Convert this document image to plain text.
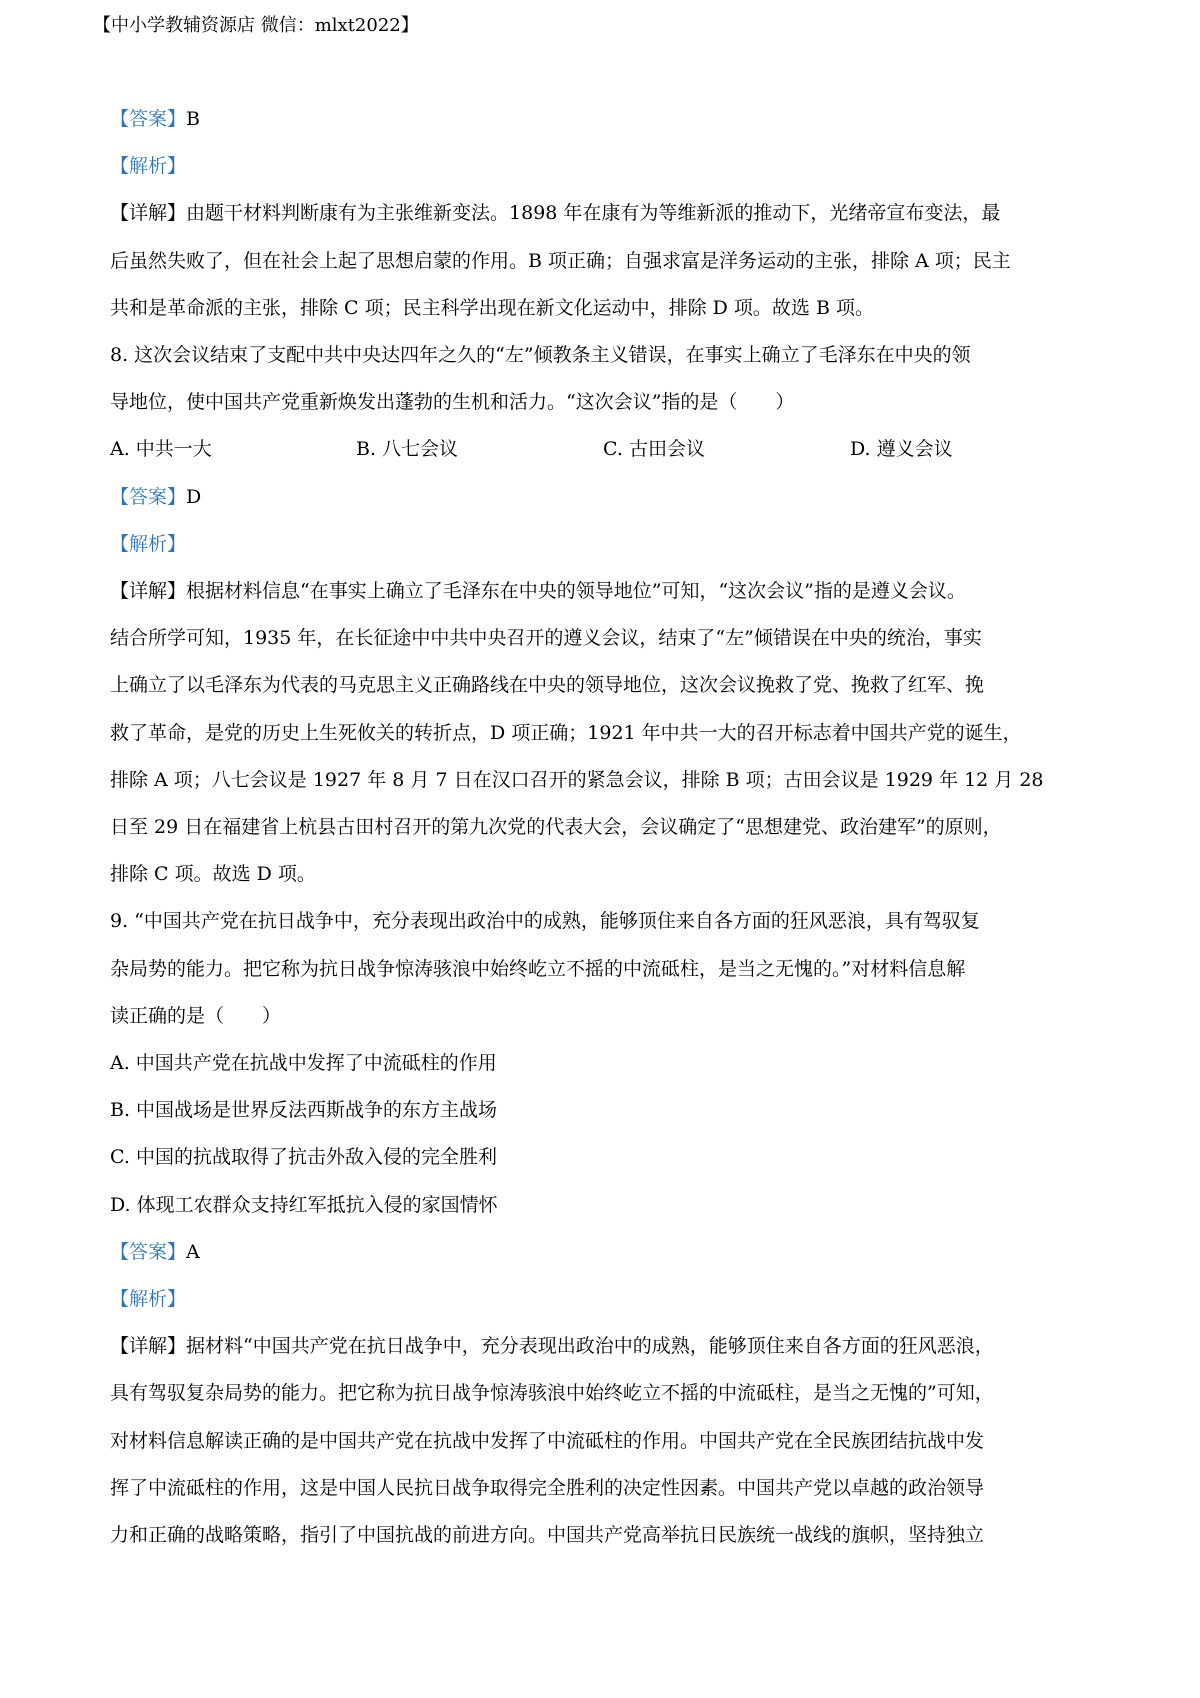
【中小学教辅资源店 微信：mlxt2022】
【答案】B
【解析】
【详解】由题干材料判断康有为主张维新变法。1898 年在康有为等维新派的推动下，光绪帝宣布变法，最
后虽然失败了，但在社会上起了思想启蒙的作用。B 项正确；自强求富是洋务运动的主张，排除 A 项；民主
共和是革命派的主张，排除 C 项；民主科学出现在新文化运动中，排除 D 项。故选 B 项。
8. 这次会议结束了支配中共中央达四年之久的“左”倾教条主义错误，在事实上确立了毛泽东在中央的领
导地位，使中国共产党重新焕发出蓬勃的生机和活力。“这次会议”指的是（　　）
A. 中共一大	B. 八七会议	C. 古田会议	D. 遵义会议
【答案】D
【解析】
【详解】根据材料信息“在事实上确立了毛泽东在中央的领导地位”可知，“这次会议”指的是遵义会议。
结合所学可知，1935 年，在长征途中中共中央召开的遵义会议，结束了“左”倾错误在中央的统治，事实
上确立了以毛泽东为代表的马克思主义正确路线在中央的领导地位，这次会议挽救了党、挽救了红军、挽
救了革命，是党的历史上生死攸关的转折点，D 项正确；1921 年中共一大的召开标志着中国共产党的诞生，
排除 A 项；八七会议是 1927 年 8 月 7 日在汉口召开的紧急会议，排除 B 项；古田会议是 1929 年 12 月 28
日至 29 日在福建省上杭县古田村召开的第九次党的代表大会，会议确定了“思想建党、政治建军”的原则，
排除 C 项。故选 D 项。
9. “中国共产党在抗日战争中，充分表现出政治中的成熟，能够顶住来自各方面的狂风恶浪，具有驾驭复
杂局势的能力。把它称为抗日战争惊涛骇浪中始终屹立不摇的中流砥柱，是当之无愧的。”对材料信息解
读正确的是（　　）
A. 中国共产党在抗战中发挥了中流砥柱的作用
B. 中国战场是世界反法西斯战争的东方主战场
C. 中国的抗战取得了抗击外敌入侵的完全胜利
D. 体现工农群众支持红军抵抗入侵的家国情怀
【答案】A
【解析】
【详解】据材料“中国共产党在抗日战争中，充分表现出政治中的成熟，能够顶住来自各方面的狂风恶浪，
具有驾驭复杂局势的能力。把它称为抗日战争惊涛骇浪中始终屹立不摇的中流砥柱，是当之无愧的”可知，
对材料信息解读正确的是中国共产党在抗战中发挥了中流砥柱的作用。中国共产党在全民族团结抗战中发
挥了中流砥柱的作用，这是中国人民抗日战争取得完全胜利的决定性因素。中国共产党以卓越的政治领导
力和正确的战略策略，指引了中国抗战的前进方向。中国共产党高举抗日民族统一战线的旗帜，坚持独立
